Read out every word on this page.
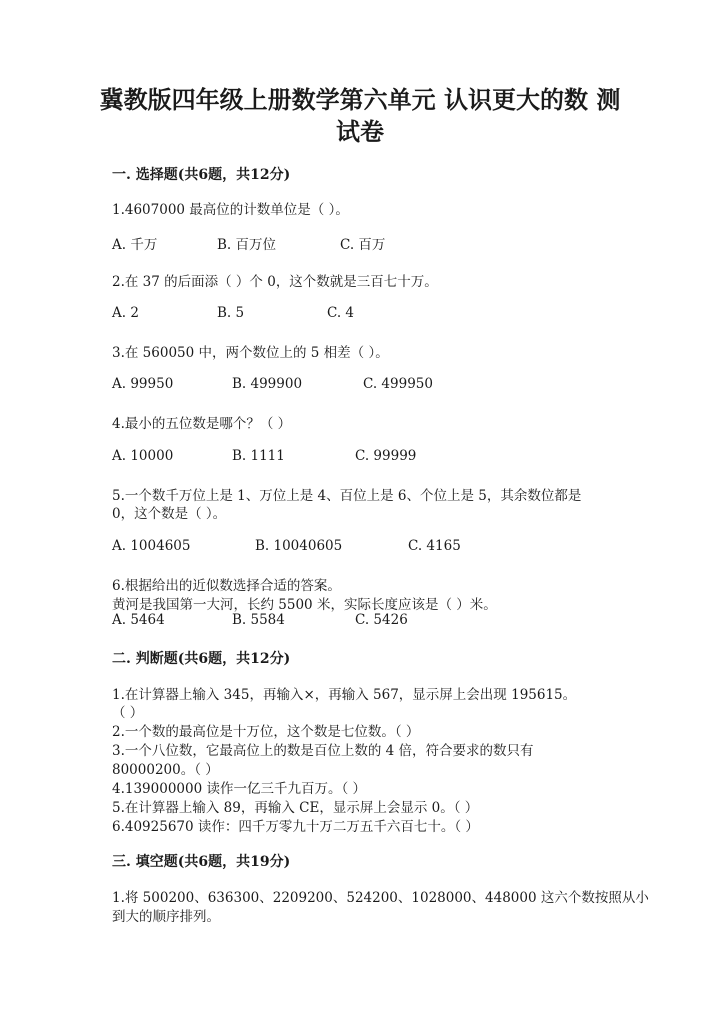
冀教版四年级上册数学第六单元 认识更大的数 测
试卷
一. 选择题(共6题，共12分)
1.4607000 最高位的计数单位是（ ）。
A. 千万	B. 百万位	C. 百万
2.在 37 的后面添（ ）个 0，这个数就是三百七十万。
A. 2	B. 5	C. 4
3.在 560050 中，两个数位上的 5 相差（ ）。
A. 99950	B. 499900	C. 499950
4.最小的五位数是哪个？（ ）
A. 10000	B. 1111	C. 99999
5.一个数千万位上是 1、万位上是 4、百位上是 6、个位上是 5，其余数位都是
0，这个数是（ ）。
A. 1004605	B. 10040605	C. 4165
6.根据给出的近似数选择合适的答案。
黄河是我国第一大河，长约 5500 米，实际长度应该是（ ）米。
A. 5464	B. 5584	C. 5426
二. 判断题(共6题，共12分)
1.在计算器上输入 345，再输入×，再输入 567，显示屏上会出现 195615。
（ ）
2.一个数的最高位是十万位，这个数是七位数。（ ）
3.一个八位数，它最高位上的数是百位上数的 4 倍，符合要求的数只有
80000200。（ ）
4.139000000 读作一亿三千九百万。（ ）
5.在计算器上输入 89，再输入 CE，显示屏上会显示 0。（ ）
6.40925670 读作：四千万零九十万二万五千六百七十。（ ）
三. 填空题(共6题，共19分)
1.将 500200、636300、2209200、524200、1028000、448000 这六个数按照从小
到大的顺序排列。
